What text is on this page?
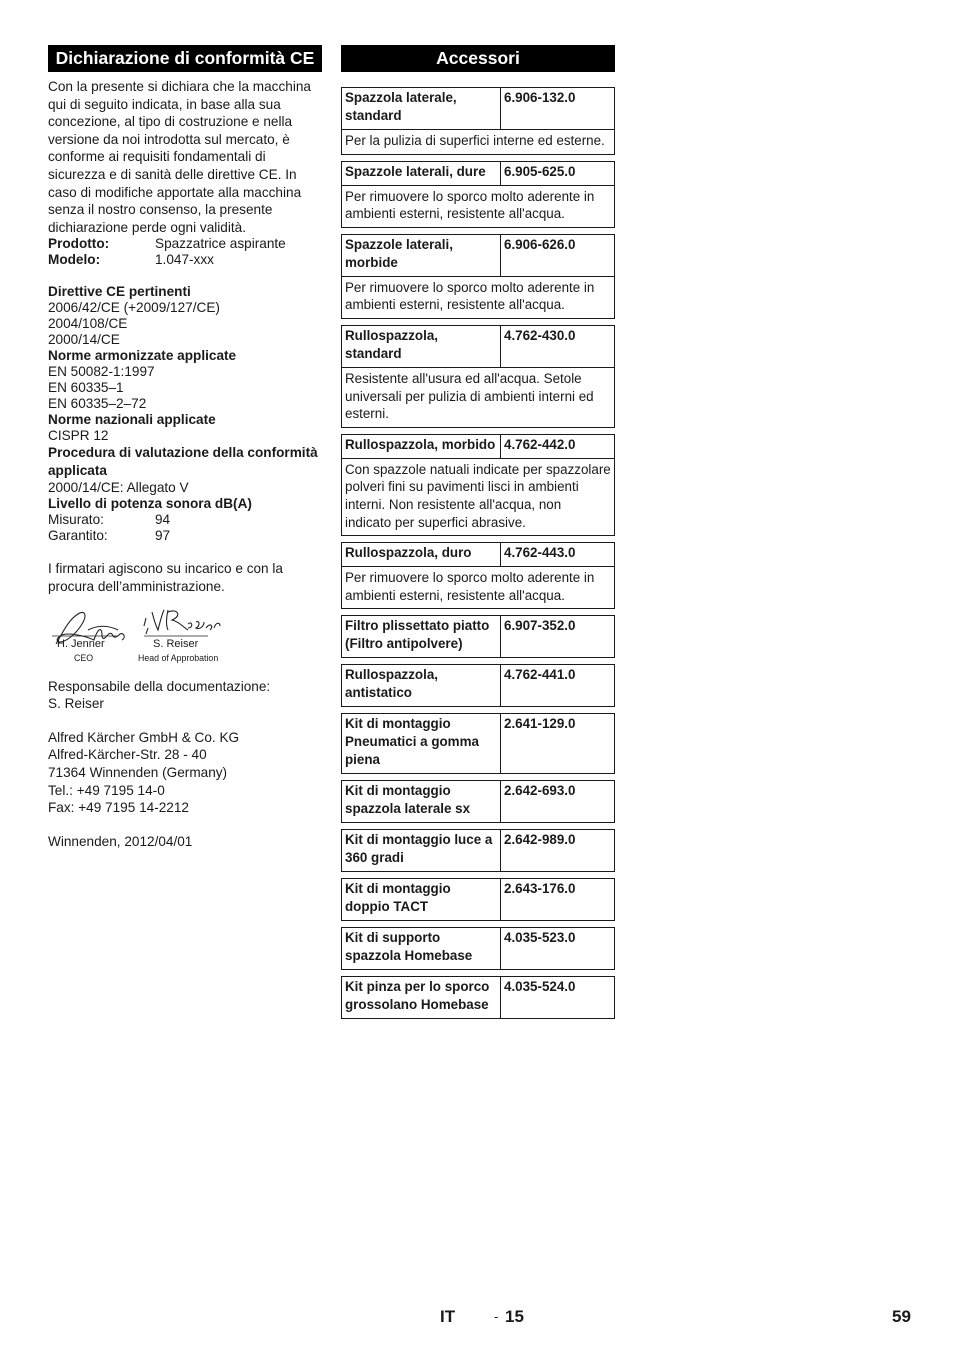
Dichiarazione di conformità CE

Con la presente si dichiara che la macchina qui di seguito indicata, in base alla sua concezione, al tipo di costruzione e nella versione da noi introdotta sul mercato, è conforme ai requisiti fondamentali di sicurezza e di sanità delle direttive CE. In caso di modifiche apportate alla macchina senza il nostro consenso, la presente dichiarazione perde ogni validità.

Prodotto:	Spazzatrice aspirante
Modelo:	1.047-xxx
Direttive CE pertinenti
2006/42/CE (+2009/127/CE)
2004/108/CE
2000/14/CE
Norme armonizzate applicate
EN 50082-1:1997
EN 60335–1
EN 60335–2–72
Norme nazionali applicate
CISPR 12
Procedura di valutazione della conformità applicata
2000/14/CE: Allegato V
Livello di potenza sonora dB(A)
Misurato:	94
Garantito:	97

I firmatari agiscono su incarico e con la procura dell’amministrazione.

H. Jenner
CEO
S. Reiser
Head of Approbation

Responsabile della documentazione:

S. Reiser

Alfred Kärcher GmbH & Co. KG

Alfred-Kärcher-Str. 28 - 40

71364 Winnenden (Germany)

Tel.: +49 7195 14-0

Fax: +49 7195 14-2212

Winnenden, 2012/04/01

Accessori
Spazzola laterale, standard
6.906-132.0
Per la pulizia di superfici interne ed esterne.
Spazzole laterali, dure	6.905-625.0
Per rimuovere lo sporco molto aderente in ambienti esterni, resistente all'acqua.
Spazzole laterali, morbide
6.906-626.0
Per rimuovere lo sporco molto aderente in ambienti esterni, resistente all'acqua.
Rullospazzola, standard
4.762-430.0
Resistente all'usura ed all'acqua. Setole universali per pulizia di ambienti interni ed esterni.
Rullospazzola, morbido 4.762-442.0
Con spazzole natuali indicate per spazzolare polveri fini su pavimenti lisci in ambienti interni. Non resistente all'acqua, non indicato per superfici abrasive.
Rullospazzola, duro	4.762-443.0
Per rimuovere lo sporco molto aderente in ambienti esterni, resistente all'acqua.
Filtro plissettato piatto (Filtro antipolvere)
6.907-352.0
Rullospazzola, antistatico
4.762-441.0
Kit di montaggio Pneumatici a gomma piena
2.641-129.0
Kit di montaggio spazzola laterale sx
2.642-693.0
Kit di montaggio luce a 360 gradi
2.642-989.0
Kit di montaggio doppio TACT
2.643-176.0
Kit di supporto spazzola Homebase
4.035-523.0
Kit pinza per lo sporco grossolano Homebase
4.035-524.0
IT	- 15	59
